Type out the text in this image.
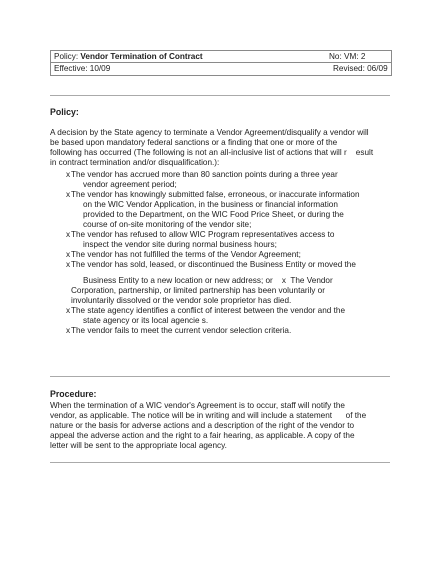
Policy: Vendor Termination of Contract	No: VM: 2
Effective: 10/09	Revised: 06/09
Policy:
A decision by the State agency to terminate a Vendor Agreement/disqualify a vendor will
be based upon mandatory federal sanctions or a finding that one or more of the
following has occurred (The following is not an all-inclusive list of actions that will r    esult
in contract termination and/or disqualification.):
x The vendor has accrued more than 80 sanction points during a three year
vendor agreement period;
x The vendor has knowingly submitted false, erroneous, or inaccurate information
on the WIC Vendor Application, in the business or financial information
provided to the Department, on the WIC Food Price Sheet, or during the
course of on-site monitoring of the vendor site;
x The vendor has refused to allow WIC Program representatives access to
inspect the vendor site during normal business hours;
x The vendor has not fulfilled the terms of the Vendor Agreement;
x The vendor has sold, leased, or discontinued the Business Entity or moved the
Business Entity to a new location or new address; or    x  The Vendor
Corporation, partnership, or limited partnership has been voluntarily or
involuntarily dissolved or the vendor sole proprietor has died.
x The state agency identifies a conflict of interest between the vendor and the
state agency or its local agencie s.
x The vendor fails to meet the current vendor selection criteria.
Procedure:
When the termination of a WIC vendor's Agreement is to occur, staff will notify the
vendor, as applicable. The notice will be in writing and will include a statement      of the
nature or the basis for adverse actions and a description of the right of the vendor to
appeal the adverse action and the right to a fair hearing, as applicable. A copy of the
letter will be sent to the appropriate local agency.
